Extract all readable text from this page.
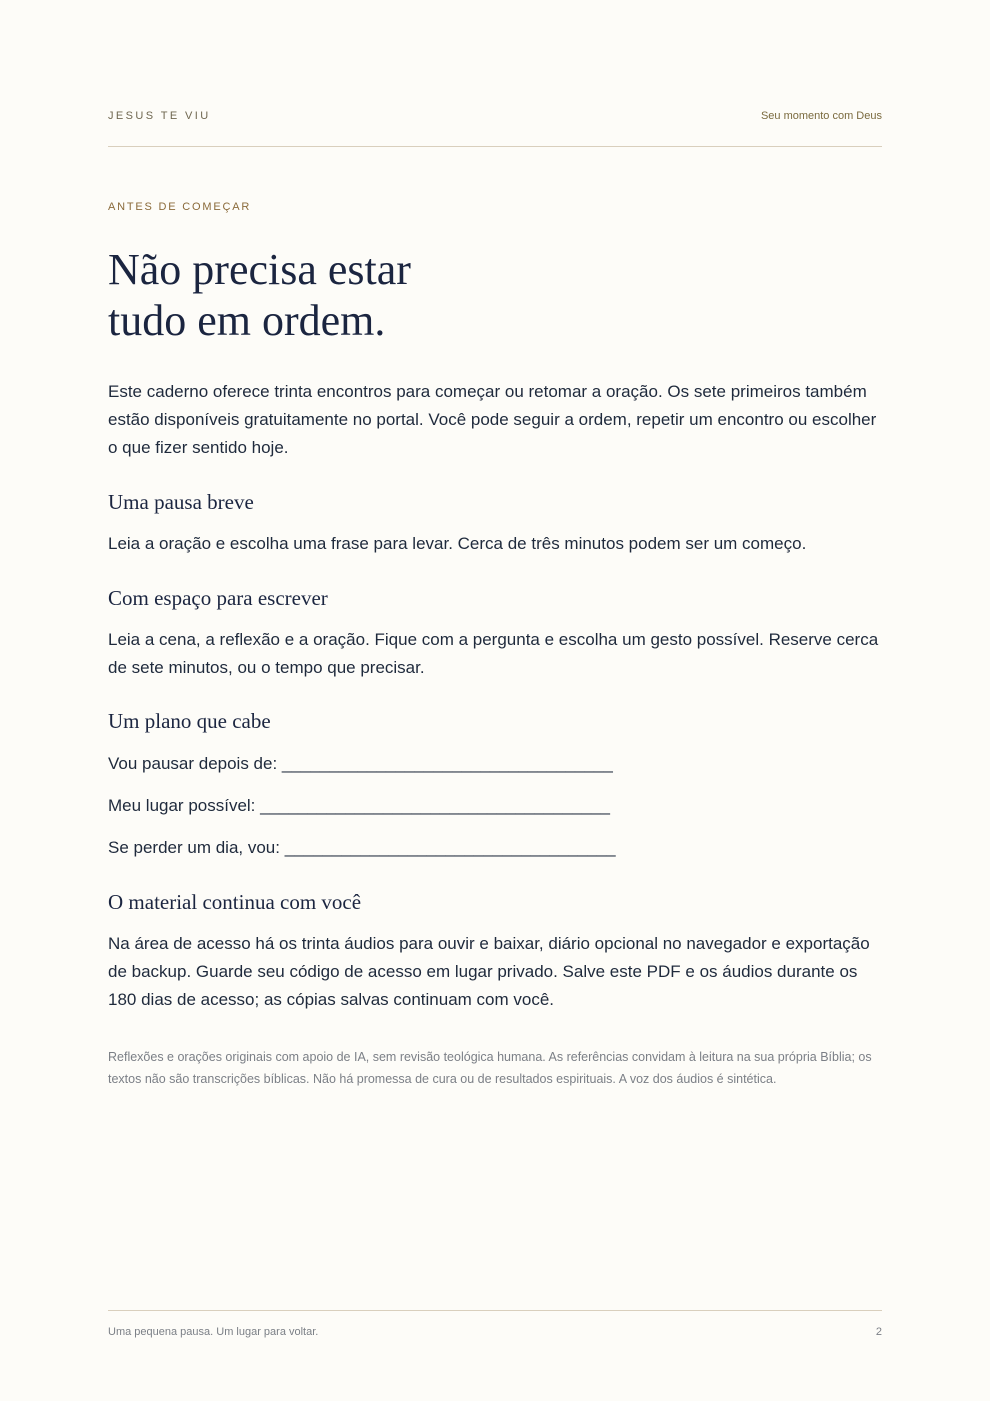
JESUS TE VIU	Seu momento com Deus
ANTES DE COMEÇAR
Não precisa estar
tudo em ordem.

Este caderno oferece trinta encontros para começar ou retomar a oração. Os sete primeiros também estão disponíveis gratuitamente no portal. Você pode seguir a ordem, repetir um encontro ou escolher o que fizer sentido hoje.

Uma pausa breve

Leia a oração e escolha uma frase para levar. Cerca de três minutos podem ser um começo.

Com espaço para escrever

Leia a cena, a reflexão e a oração. Fique com a pergunta e escolha um gesto possível. Reserve cerca de sete minutos, ou o tempo que precisar.

Um plano que cabe
Vou pausar depois de: ___________________________________
Meu lugar possível: _____________________________________
Se perder um dia, vou: ___________________________________
O material continua com você

Na área de acesso há os trinta áudios para ouvir e baixar, diário opcional no navegador e exportação de backup. Guarde seu código de acesso em lugar privado. Salve este PDF e os áudios durante os 180 dias de acesso; as cópias salvas continuam com você.

Reflexões e orações originais com apoio de IA, sem revisão teológica humana. As referências convidam à leitura na sua própria Bíblia; os textos não são transcrições bíblicas. Não há promessa de cura ou de resultados espirituais. A voz dos áudios é sintética.

Uma pequena pausa. Um lugar para voltar.	2
